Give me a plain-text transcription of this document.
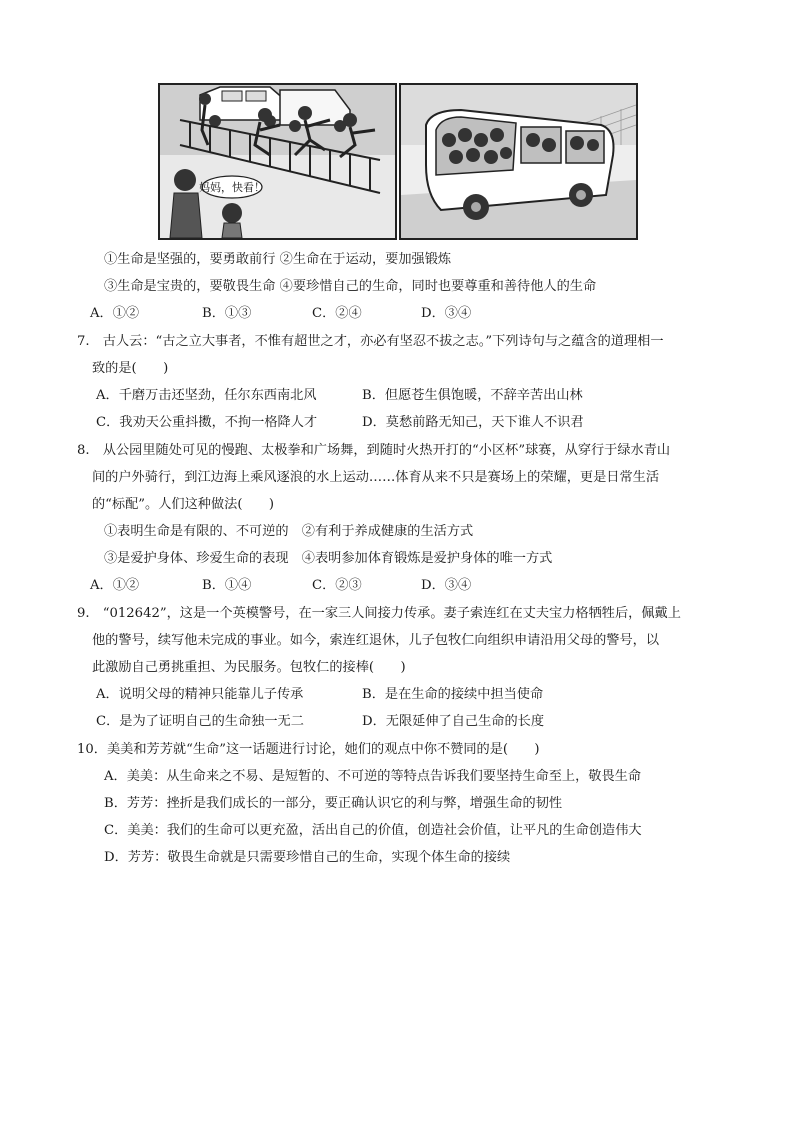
妈妈，快看！
①生命是坚强的，要勇敢前行 ②生命在于运动，要加强锻炼
③生命是宝贵的，要敬畏生命 ④要珍惜自己的生命，同时也要尊重和善待他人的生命
A．①②	B．①③	C．②④	D．③④
7.　古人云：“古之立大事者，不惟有超世之才，亦必有坚忍不拔之志。”下列诗句与之蕴含的道理相一
致的是(　　)
A．千磨万击还坚劲，任尔东西南北风	B．但愿苍生俱饱暖，不辞辛苦出山林
C．我劝天公重抖擞，不拘一格降人才	D．莫愁前路无知己，天下谁人不识君
8.　从公园里随处可见的慢跑、太极拳和广场舞，到随时火热开打的“小区杯”球赛，从穿行于绿水青山
间的户外骑行，到江边海上乘风逐浪的水上运动……体育从来不只是赛场上的荣耀，更是日常生活
的“标配”。人们这种做法(　　)
①表明生命是有限的、不可逆的　②有利于养成健康的生活方式
③是爱护身体、珍爱生命的表现　④表明参加体育锻炼是爱护身体的唯一方式
A．①②	B．①④	C．②③	D．③④
9.　“012642”，这是一个英模警号，在一家三人间接力传承。妻子索连红在丈夫宝力格牺牲后，佩戴上
他的警号，续写他未完成的事业。如今，索连红退休，儿子包牧仁向组织申请沿用父母的警号，以
此激励自己勇挑重担、为民服务。包牧仁的接棒(　　)
A．说明父母的精神只能靠儿子传承	B．是在生命的接续中担当使命
C．是为了证明自己的生命独一无二	D．无限延伸了自己生命的长度
10．美美和芳芳就“生命”这一话题进行讨论，她们的观点中你不赞同的是(　　)
A．美美：从生命来之不易、是短暂的、不可逆的等特点告诉我们要坚持生命至上，敬畏生命
B．芳芳：挫折是我们成长的一部分，要正确认识它的利与弊，增强生命的韧性
C．美美：我们的生命可以更充盈，活出自己的价值，创造社会价值，让平凡的生命创造伟大
D．芳芳：敬畏生命就是只需要珍惜自己的生命，实现个体生命的接续
